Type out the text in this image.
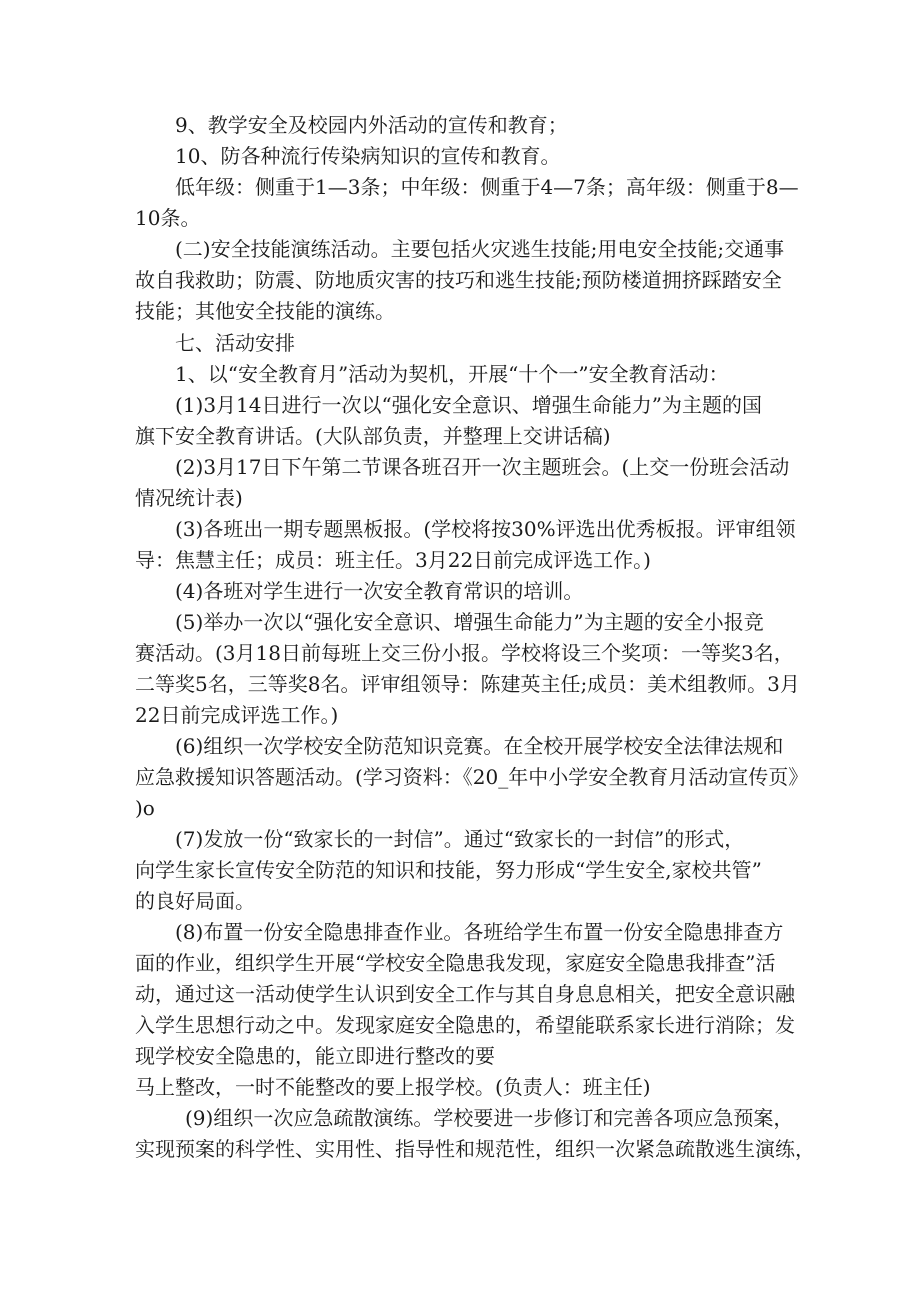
9、教学安全及校园内外活动的宣传和教育；

10、防各种流行传染病知识的宣传和教育。

低年级：侧重于1—3条；中年级：侧重于4—7条；高年级：侧重于8—

10条。

(二)安全技能演练活动。主要包括火灾逃生技能;用电安全技能;交通事

故自我救助；防震、防地质灾害的技巧和逃生技能;预防楼道拥挤踩踏安全

技能；其他安全技能的演练。

七、活动安排

1、以“安全教育月”活动为契机，开展“十个一”安全教育活动：

(1)3月14日进行一次以“强化安全意识、增强生命能力”为主题的国

旗下安全教育讲话。(大队部负责，并整理上交讲话稿)

(2)3月17日下午第二节课各班召开一次主题班会。(上交一份班会活动

情况统计表)

(3)各班出一期专题黑板报。(学校将按30%评选出优秀板报。评审组领

导：焦慧主任；成员：班主任。3月22日前完成评选工作。)

(4)各班对学生进行一次安全教育常识的培训。

(5)举办一次以“强化安全意识、增强生命能力”为主题的安全小报竞

赛活动。(3月18日前每班上交三份小报。学校将设三个奖项：一等奖3名，

二等奖5名，三等奖8名。评审组领导：陈建英主任;成员：美术组教师。3月

22日前完成评选工作。)

(6)组织一次学校安全防范知识竞赛。在全校开展学校安全法律法规和

应急救援知识答题活动。(学习资料：《20_年中小学安全教育月活动宣传页》

)o

(7)发放一份“致家长的一封信”。通过“致家长的一封信”的形式，

向学生家长宣传安全防范的知识和技能，努力形成“学生安全,家校共管”

的良好局面。

(8)布置一份安全隐患排查作业。各班给学生布置一份安全隐患排查方

面的作业，组织学生开展“学校安全隐患我发现，家庭安全隐患我排查”活

动，通过这一活动使学生认识到安全工作与其自身息息相关，把安全意识融

入学生思想行动之中。发现家庭安全隐患的，希望能联系家长进行消除；发

现学校安全隐患的，能立即进行整改的要

马上整改，一时不能整改的要上报学校。(负责人：班主任)

(9)组织一次应急疏散演练。学校要进一步修订和完善各项应急预案，

实现预案的科学性、实用性、指导性和规范性，组织一次紧急疏散逃生演练，
